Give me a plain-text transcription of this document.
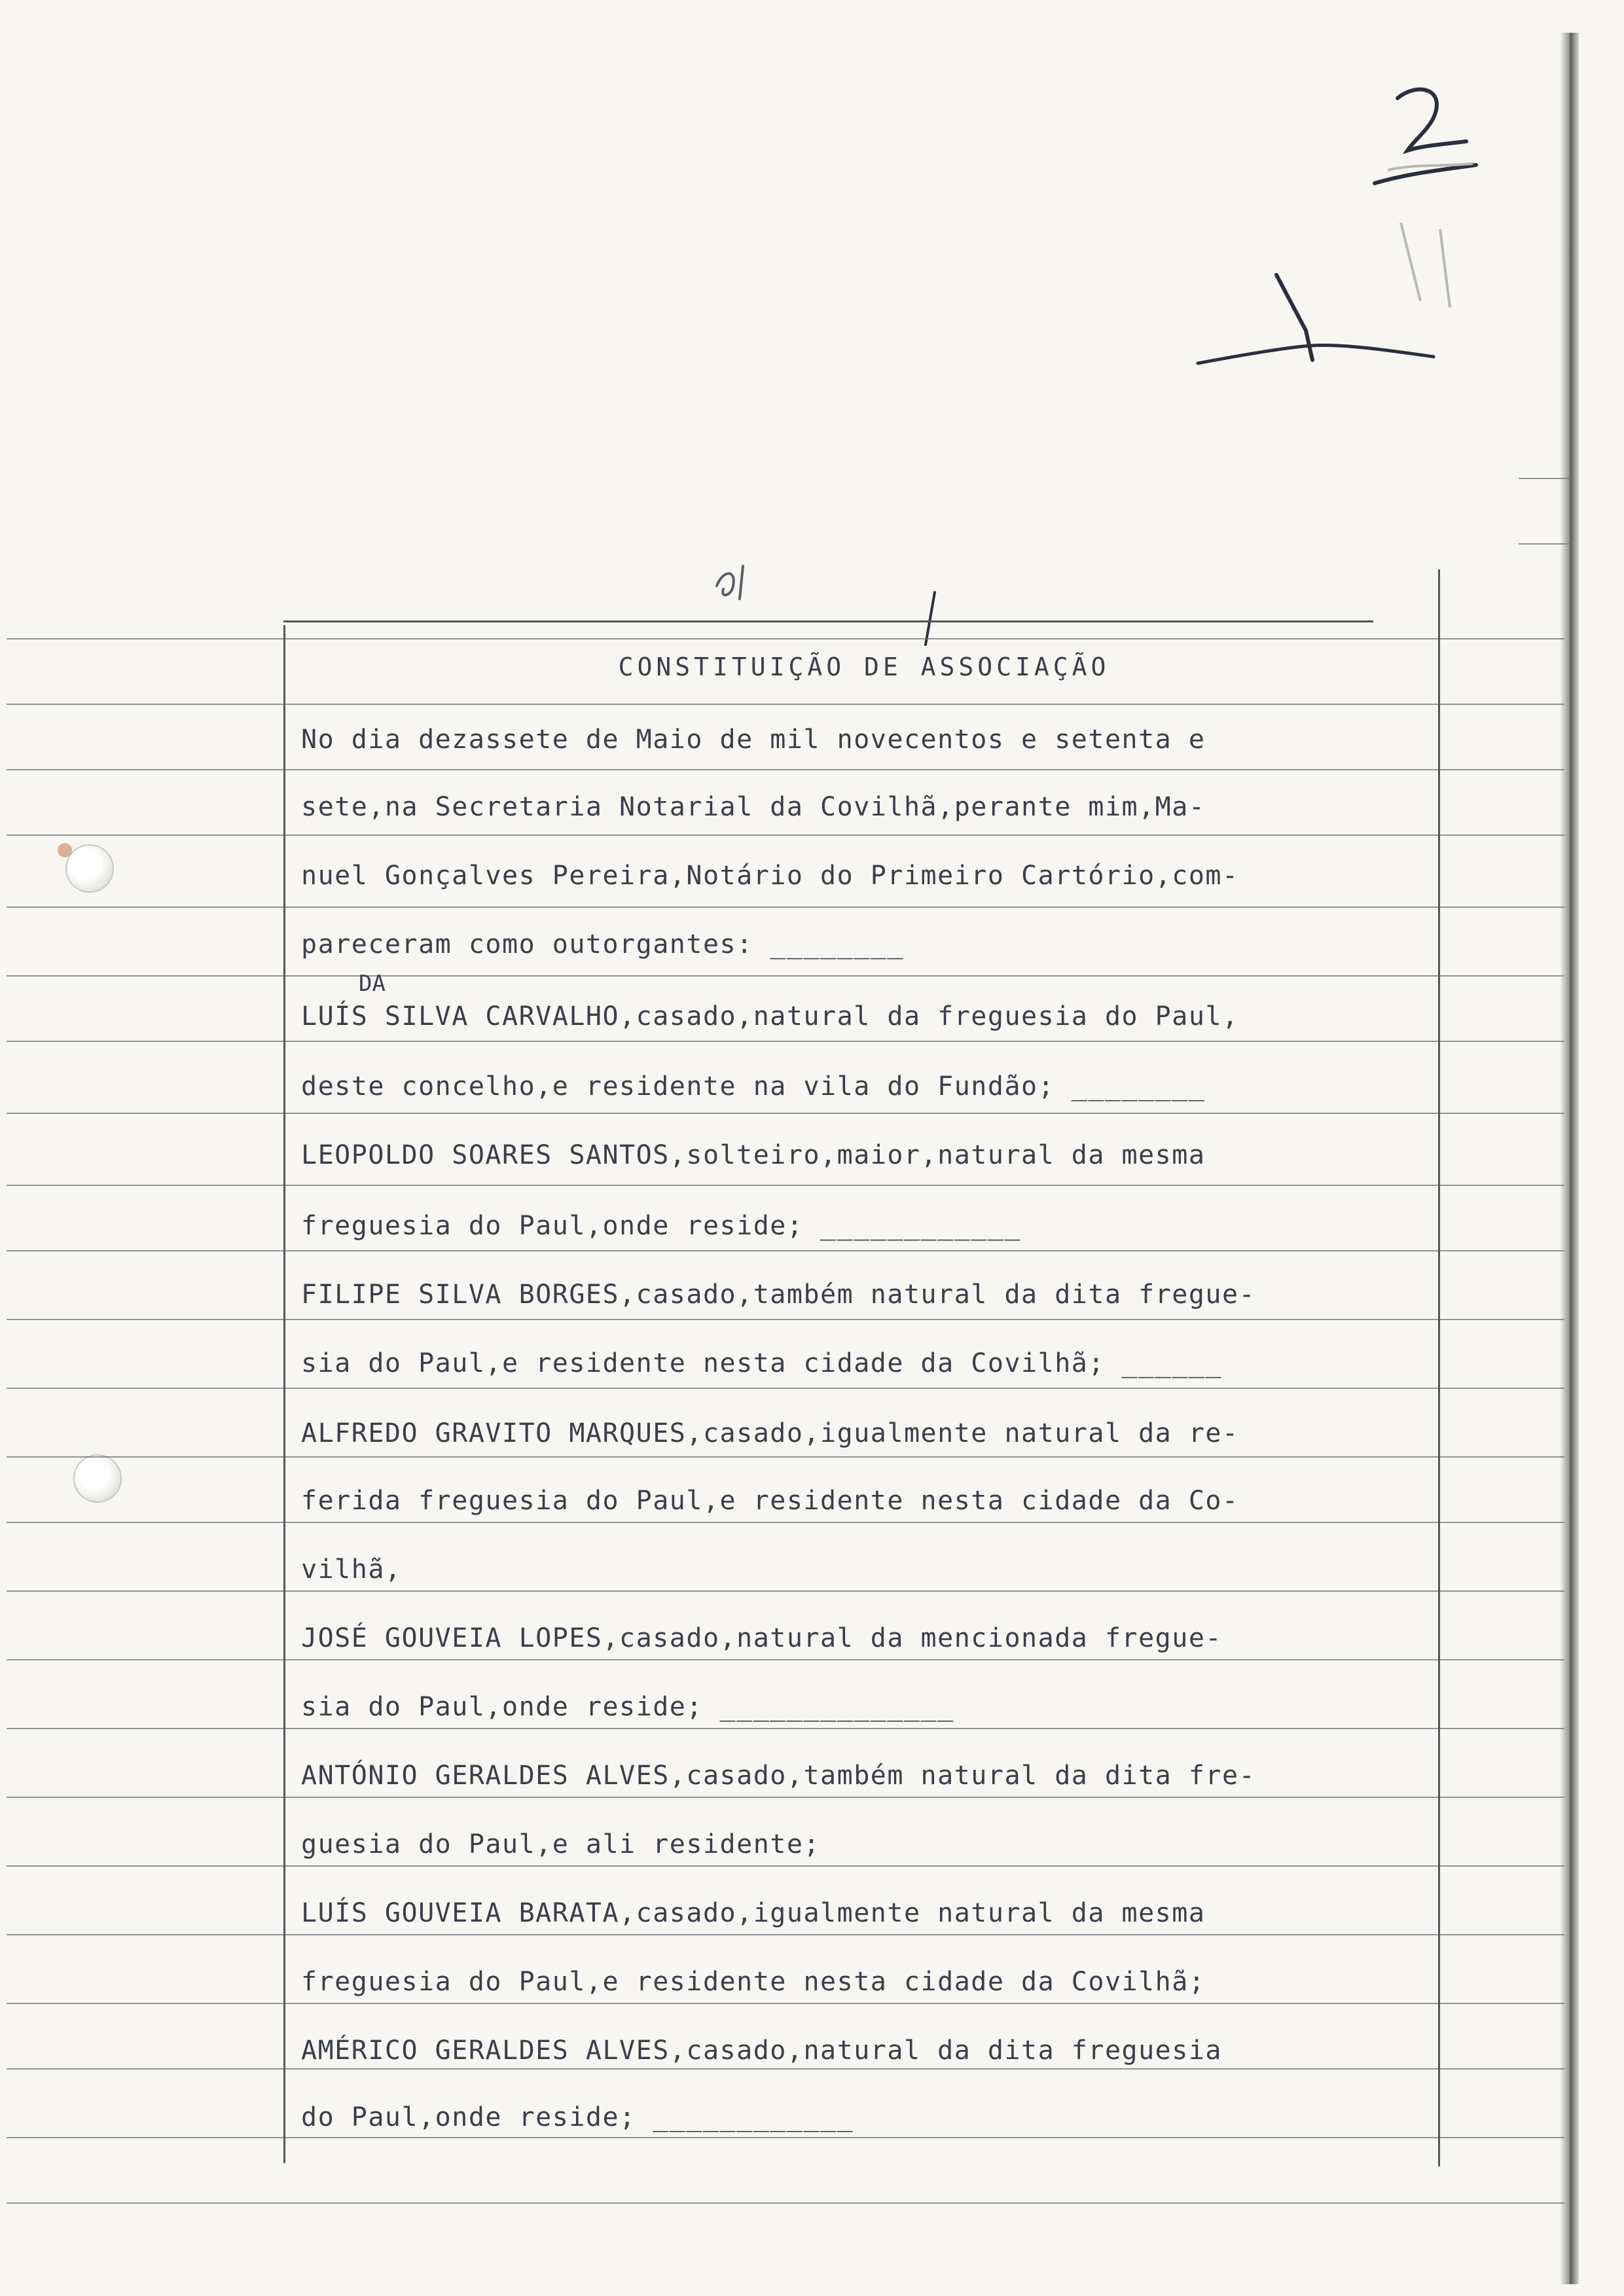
CONSTITUIÇÃO DE ASSOCIAÇÃO
DA

No dia dezassete de Maio de mil novecentos e setenta e

sete,na Secretaria Notarial da Covilhã,perante mim,Ma-

nuel Gonçalves Pereira,Notário do Primeiro Cartório,com-

pareceram como outorgantes: ________

LUÍS SILVA CARVALHO,casado,natural da freguesia do Paul,

deste concelho,e residente na vila do Fundão; ________

LEOPOLDO SOARES SANTOS,solteiro,maior,natural da mesma

freguesia do Paul,onde reside; ____________

FILIPE SILVA BORGES,casado,também natural da dita fregue-

sia do Paul,e residente nesta cidade da Covilhã; ______

ALFREDO GRAVITO MARQUES,casado,igualmente natural da re-

ferida freguesia do Paul,e residente nesta cidade da Co-

vilhã,

JOSÉ GOUVEIA LOPES,casado,natural da mencionada fregue-

sia do Paul,onde reside; ______________

ANTÓNIO GERALDES ALVES,casado,também natural da dita fre-

guesia do Paul,e ali residente;

LUÍS GOUVEIA BARATA,casado,igualmente natural da mesma

freguesia do Paul,e residente nesta cidade da Covilhã;

AMÉRICO GERALDES ALVES,casado,natural da dita freguesia

do Paul,onde reside; ____________
